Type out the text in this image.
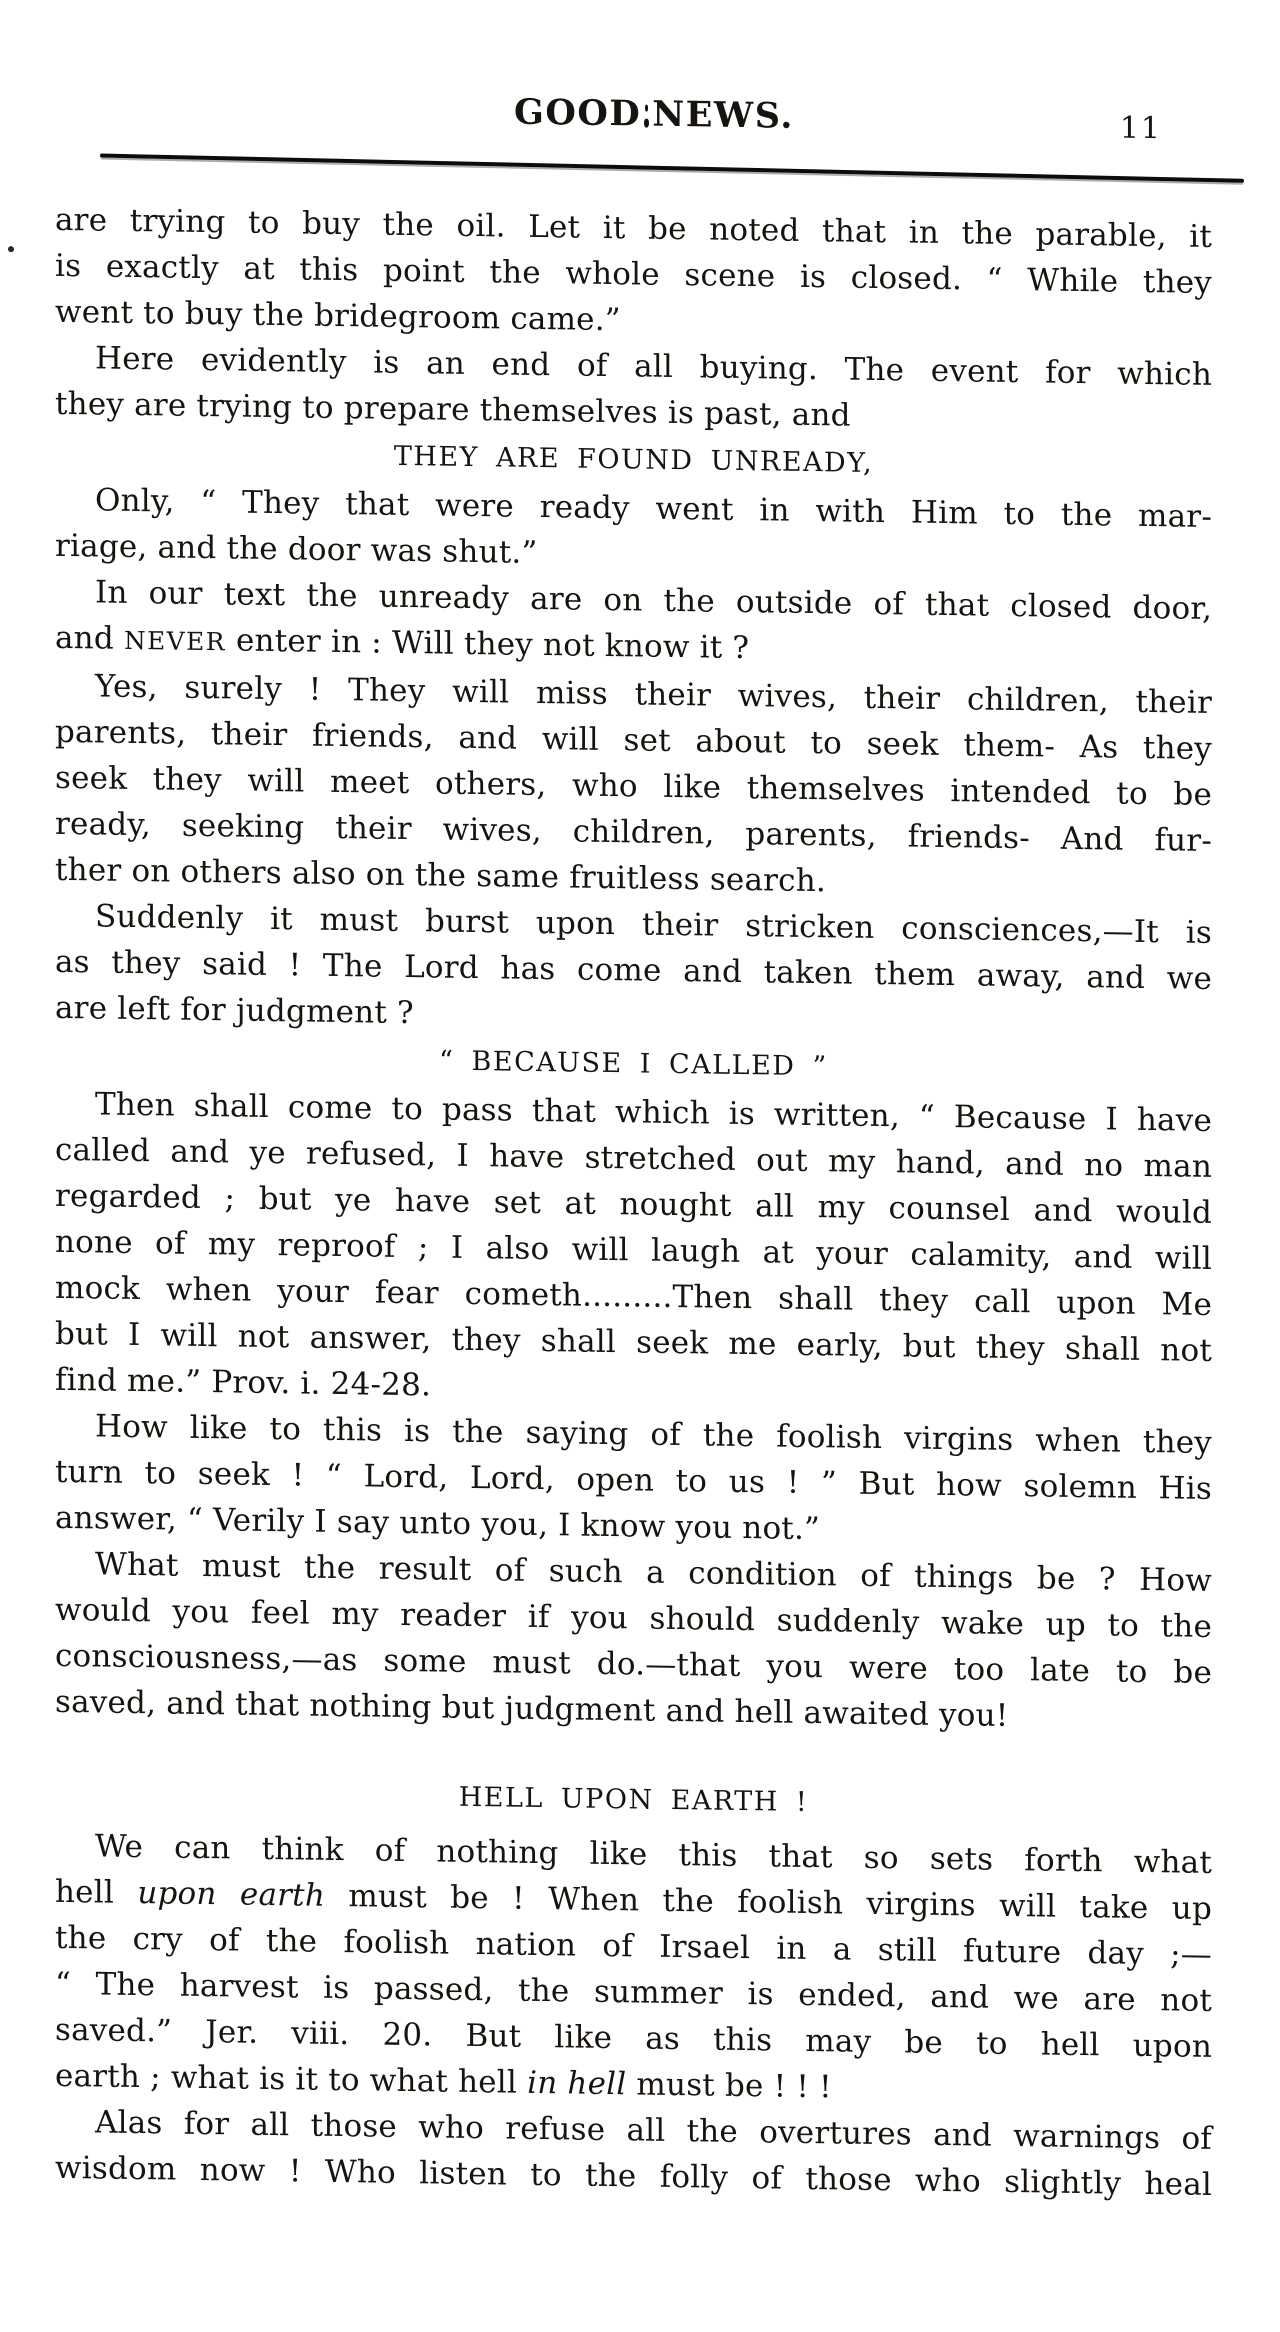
GOOD NEWS.	11
are trying to buy the oil. Let it be noted that in the parable, it
is exactly at this point the whole scene is closed. “ While they
went to buy the bridegroom came.”
Here evidently is an end of all buying. The event for which
they are trying to prepare themselves is past, and
THEY ARE FOUND UNREADY,
Only, “ They that were ready went in with Him to the mar-
riage, and the door was shut.”
In our text the unready are on the outside of that closed door,
and NEVER enter in : Will they not know it ?
Yes, surely ! They will miss their wives, their children, their
parents, their friends, and will set about to seek them- As they
seek they will meet others, who like themselves intended to be
ready, seeking their wives, children, parents, friends- And fur-
ther on others also on the same fruitless search.
Suddenly it must burst upon their stricken consciences,—It is
as they said ! The Lord has come and taken them away, and we
are left for judgment ?
“ BECAUSE I CALLED ”
Then shall come to pass that which is written, “ Because I have
called and ye refused, I have stretched out my hand, and no man
regarded ; but ye have set at nought all my counsel and would
none of my reproof ; I also will laugh at your calamity, and will
mock when your fear cometh.........Then shall they call upon Me
but I will not answer, they shall seek me early, but they shall not
find me.” Prov. i. 24-28.
How like to this is the saying of the foolish virgins when they
turn to seek ! “ Lord, Lord, open to us ! ” But how solemn His
answer, “ Verily I say unto you, I know you not.”
What must the result of such a condition of things be ? How
would you feel my reader if you should suddenly wake up to the
consciousness,—as some must do.—that you were too late to be
saved, and that nothing but judgment and hell awaited you!
HELL UPON EARTH !
We can think of nothing like this that so sets forth what
hell upon earth must be ! When the foolish virgins will take up
the cry of the foolish nation of Irsael in a still future day ;—
“ The harvest is passed, the summer is ended, and we are not
saved.” Jer. viii. 20. But like as this may be to hell upon
earth ; what is it to what hell in hell must be ! ! !
Alas for all those who refuse all the overtures and warnings of
wisdom now ! Who listen to the folly of those who slightly heal
